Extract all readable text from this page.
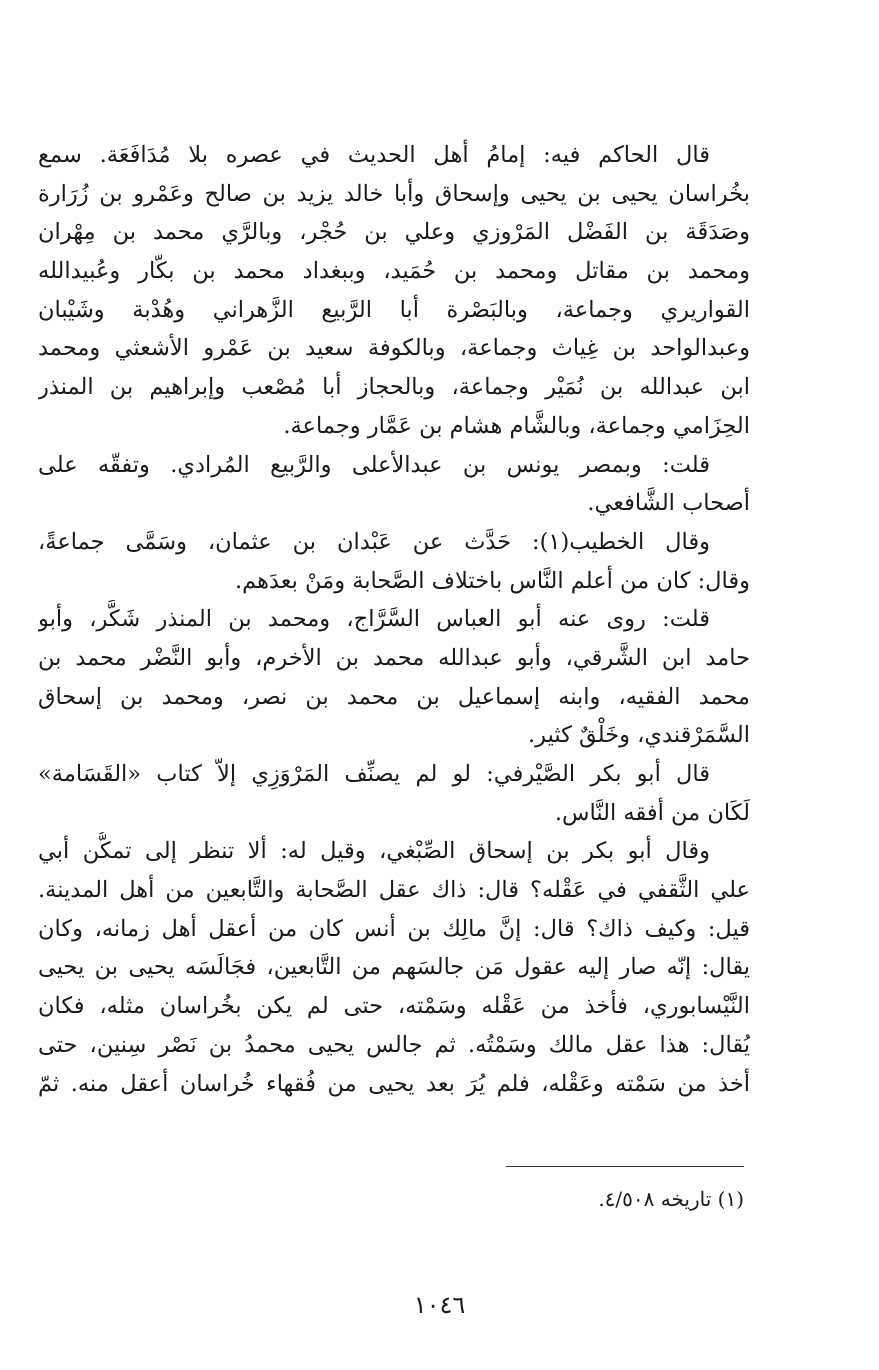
قال الحاكم فيه: إمامُ أهل الحديث في عصره بلا مُدَافَعَة. سمع
بخُراسان يحيى بن يحيى وإسحاق وأبا خالد يزيد بن صالح وعَمْرو بن زُرَارة
وصَدَقَة بن الفَضْل المَرْوزي وعلي بن حُجْر، وبالرَّي محمد بن مِهْران
ومحمد بن مقاتل ومحمد بن حُمَيد، وببغداد محمد بن بكّار وعُبيدالله
القواريري وجماعة، وبالبَصْرة أبا الرَّبيع الزَّهراني وهُدْبة وشَيْبان
وعبدالواحد بن غِياث وجماعة، وبالكوفة سعيد بن عَمْرو الأشعثي ومحمد
ابن عبدالله بن نُمَيْر وجماعة، وبالحجاز أبا مُصْعب وإبراهيم بن المنذر
الحِزَامي وجماعة، وبالشَّام هشام بن عَمَّار وجماعة.
قلت: وبمصر يونس بن عبدالأعلى والرَّبيع المُرادي. وتفقّه على
أصحاب الشَّافعي.
وقال الخطيب(١): حَدَّث عن عَبْدان بن عثمان، وسَمَّى جماعةً،
وقال: كان من أعلم النَّاس باختلاف الصَّحابة ومَنْ بعدَهم.
قلت: روى عنه أبو العباس السَّرَّاج، ومحمد بن المنذر شَكَّر، وأبو
حامد ابن الشَّرقي، وأبو عبدالله محمد بن الأخرم، وأبو النَّضْر محمد بن
محمد الفقيه، وابنه إسماعيل بن محمد بن نصر، ومحمد بن إسحاق
السَّمَرْقندي، وخَلْقٌ كثير.
قال أبو بكر الصَّيْرفي: لو لم يصنِّف المَرْوَزِي إلاّ كتاب «القَسَامة»
لَكَان من أفقه النَّاس.
وقال أبو بكر بن إسحاق الصِّبْغي، وقيل له: ألا تنظر إلى تمكُّن أبي
علي الثَّقفي في عَقْله؟ قال: ذاك عقل الصَّحابة والتَّابعين من أهل المدينة.
قيل: وكيف ذاك؟ قال: إنَّ مالِك بن أنس كان من أعقل أهل زمانه، وكان
يقال: إنّه صار إليه عقول مَن جالسَهم من التَّابعين، فجَالَسَه يحيى بن يحيى
النَّيْسابوري، فأخذ من عَقْله وسَمْته، حتى لم يكن بخُراسان مثله، فكان
يُقال: هذا عقل مالك وسَمْتُه. ثم جالس يحيى محمدُ بن نَصْر سِنين، حتى
أخذ من سَمْته وعَقْله، فلم يُرَ بعد يحيى من فُقهاء خُراسان أعقل منه. ثمّ
(١) تاريخه ٤/٥٠٨.
١٠٤٦
